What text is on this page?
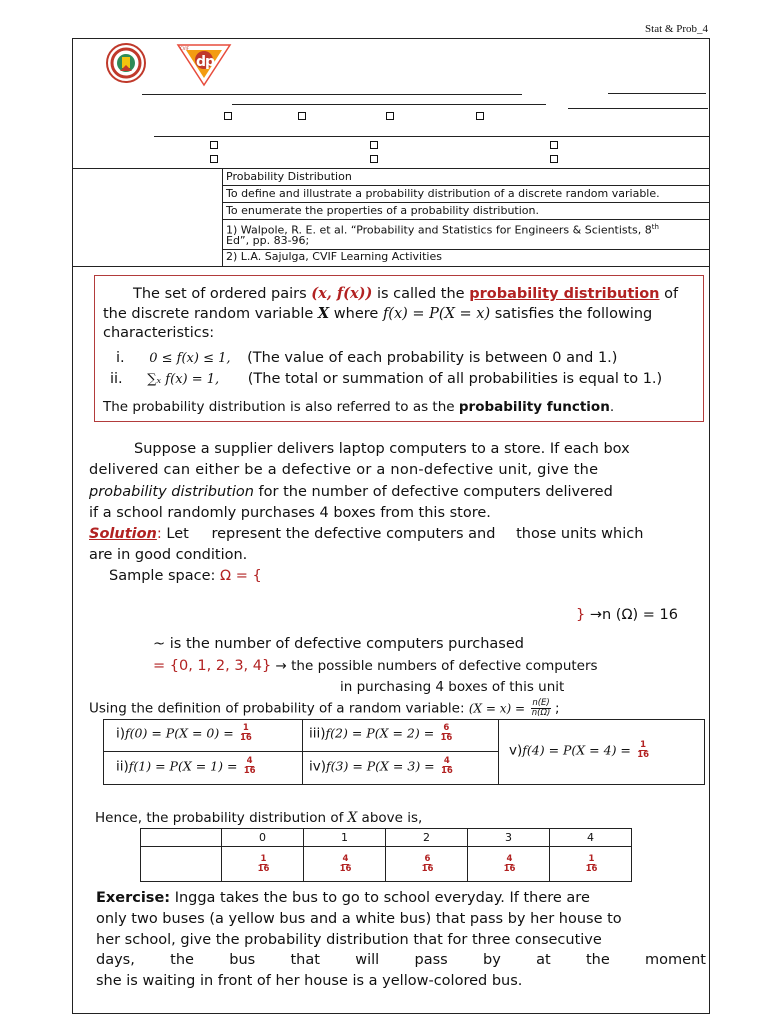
Stat & Prob_4
d
p
CVIF
Probability Distribution
To define and illustrate a probability distribution of a discrete random variable.
To enumerate the properties of a probability distribution.
1) Walpole, R. E. et al. “Probability and Statistics for Engineers & Scientists, 8th
Ed”, pp. 83-96;
2) L.A. Sajulga, CVIF Learning Activities
The set of ordered pairs (x, f(x)) is called the probability distribution of
the discrete random variable X where f(x) = P(X = x) satisfies the following
characteristics:
i. 0 ≤ f(x) ≤ 1, (The value of each probability is between 0 and 1.)
ii. ∑ₓ f(x) = 1, (The total or summation of all probabilities is equal to 1.)
The probability distribution is also referred to as the probability function.
Suppose a supplier delivers laptop computers to a store. If each box
delivered can either be a defective or a non-defective unit, give the
probability distribution for the number of defective computers delivered
if a school randomly purchases 4 boxes from this store.
Solution: Let represent the defective computers and those units which
are in good condition.
Sample space: Ω = {
} →n (Ω) = 16
~ is the number of defective computers purchased
= {0, 1, 2, 3, 4} → the possible numbers of defective computers
in purchasing 4 boxes of this unit
Using the definition of probability of a random variable: $(X = x) = \frac{n(E)}{n(\Omega)}$ ;
$i)f(0) = P(X = 0) = \frac{1}{16}$
$ii)f(1) = P(X = 1) = \frac{4}{16}$
$iii)f(2) = P(X = 2) = \frac{6}{16}$
$iv)f(3) = P(X = 3) = \frac{4}{16}$
$v)f(4) = P(X = 4) = \frac{1}{16}$
Hence, the probability distribution of X above is,
	0	1	2	3	4

	$\frac{1}{16}$	$\frac{4}{16}$	$\frac{6}{16}$	$\frac{4}{16}$	$\frac{1}{16}$
Exercise: Ingga takes the bus to go to school everyday. If there are
only two buses (a yellow bus and a white bus) that pass by her house to
her school, give the probability distribution that for three consecutive
days, the bus that will pass by at the moment
she is waiting in front of her house is a yellow-colored bus.
